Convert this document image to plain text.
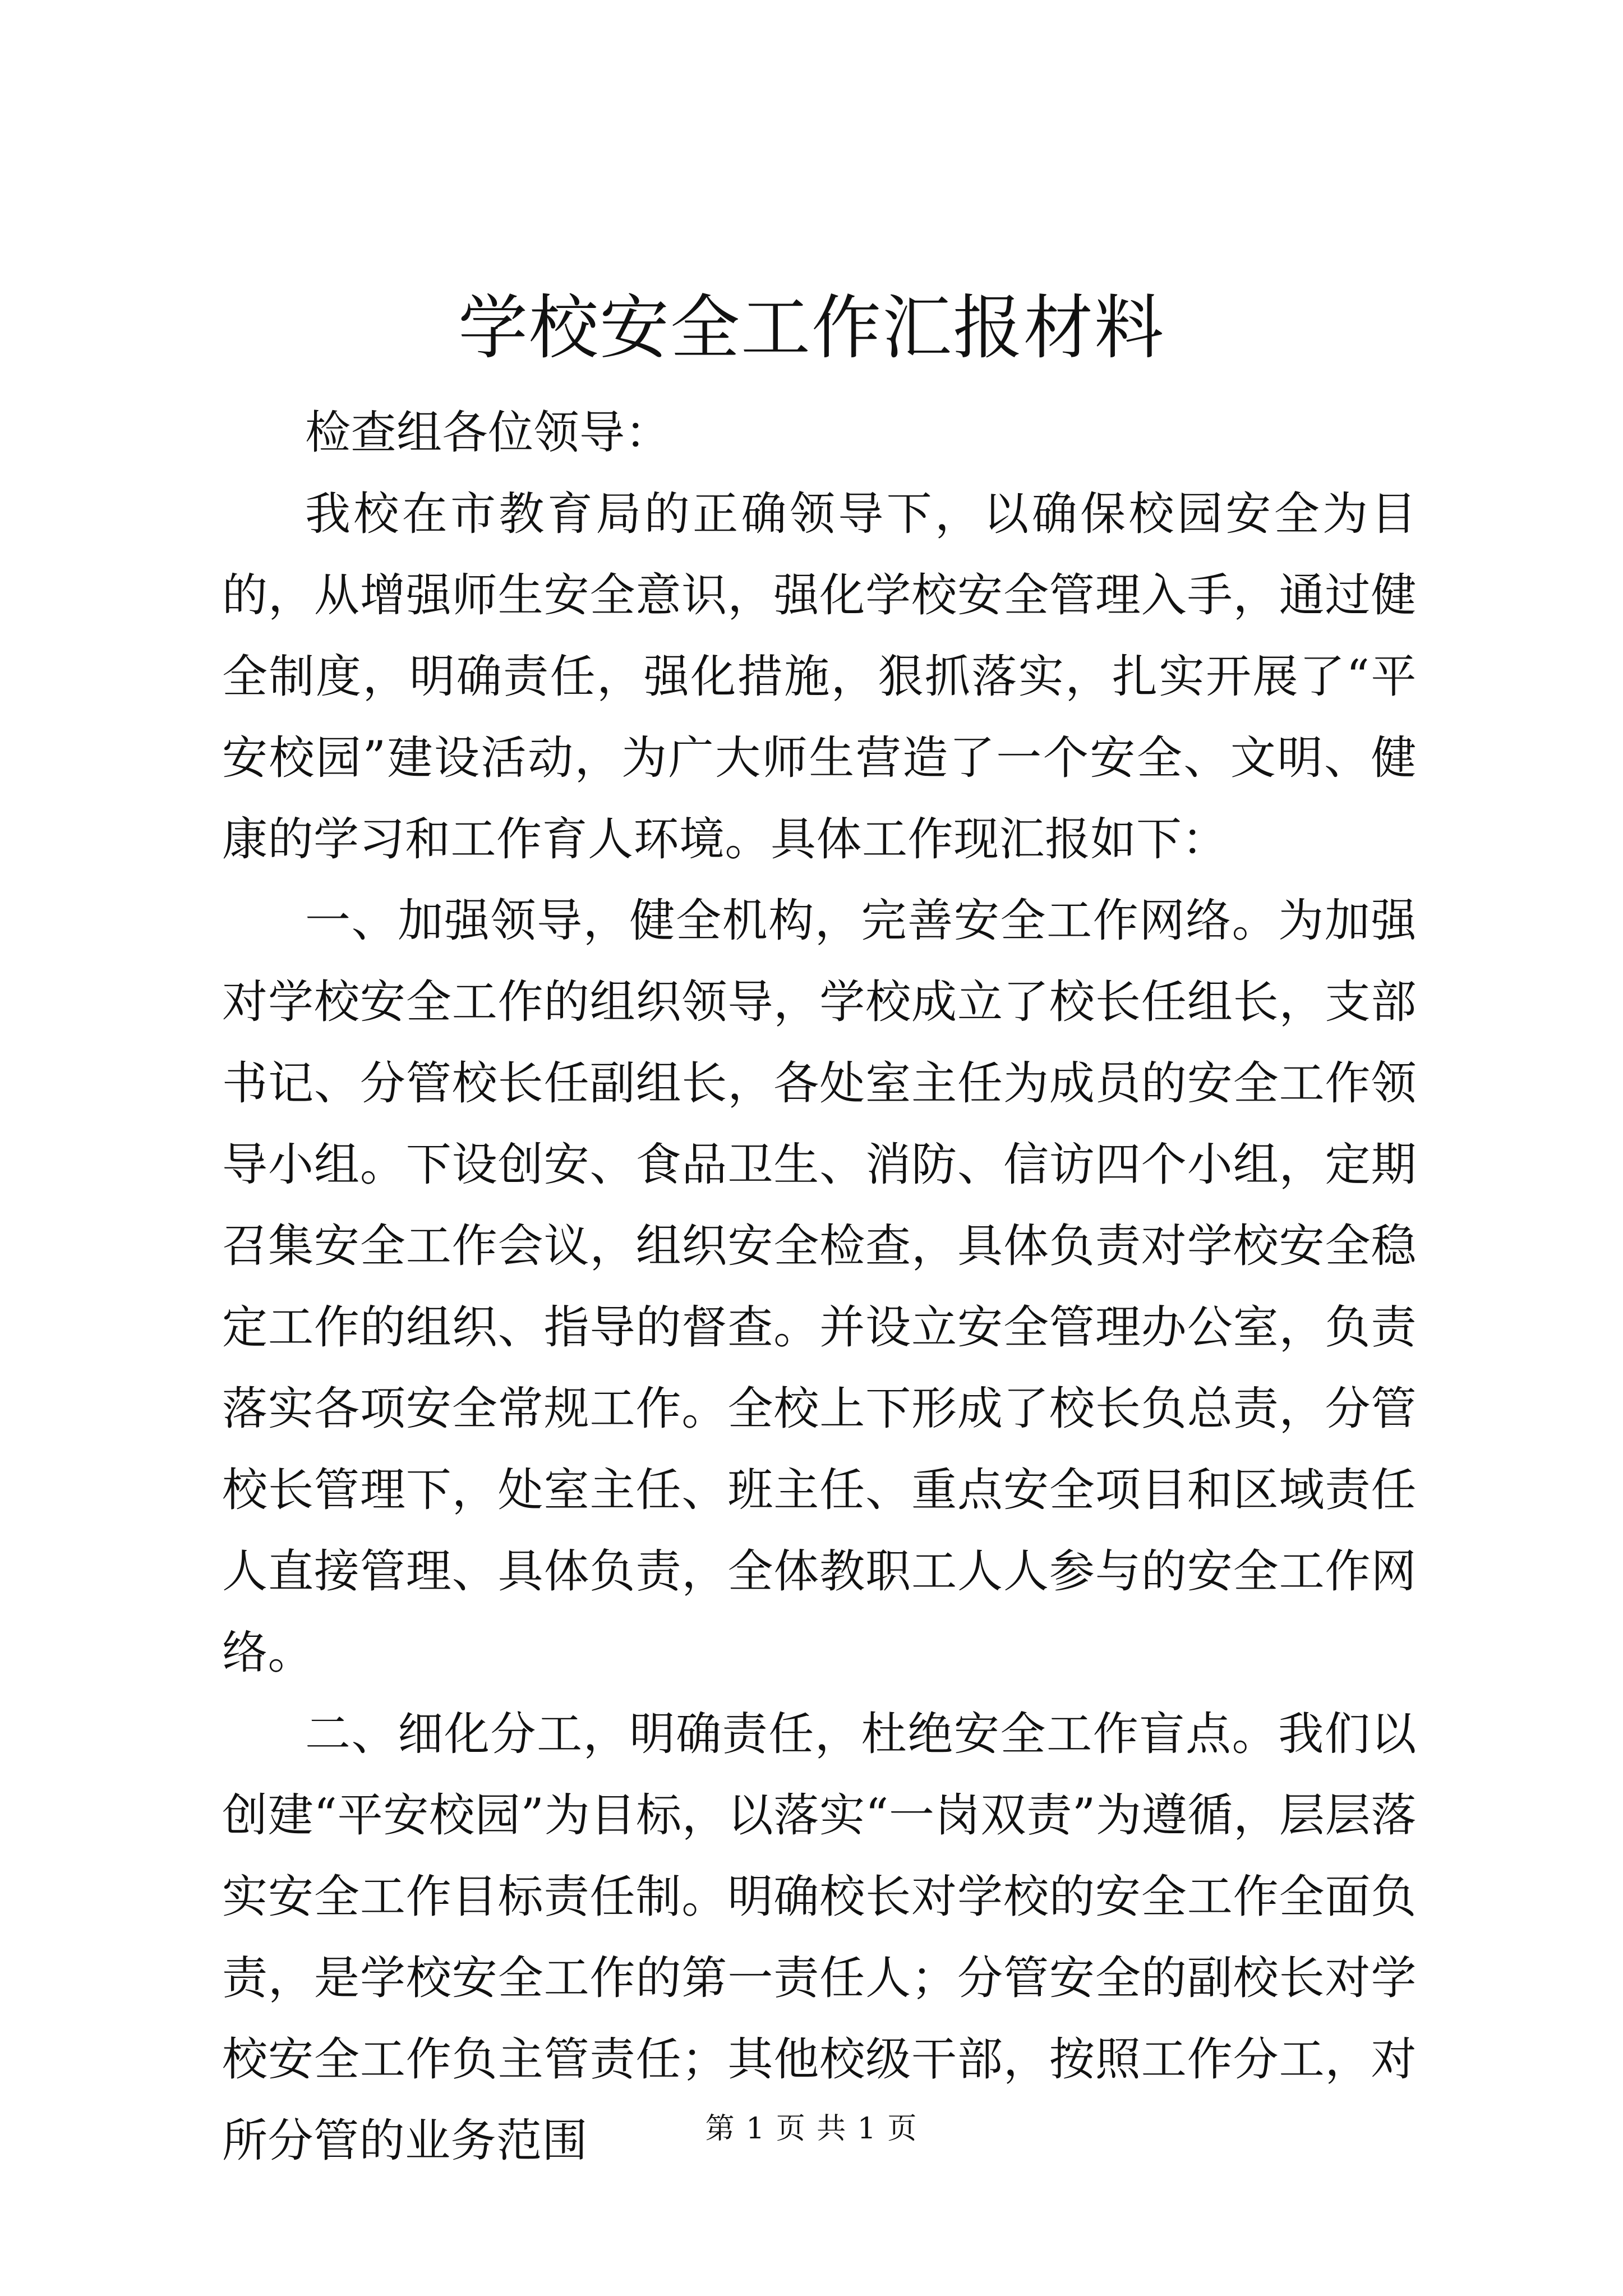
学校安全工作汇报材料

检查组各位领导：

我校在市教育局的正确领导下，以确保校园安全为目的，从增强师生安全意识，强化学校安全管理入手，通过健全制度，明确责任，强化措施，狠抓落实，扎实开展了“平安校园”建设活动，为广大师生营造了一个安全、文明、健康的学习和工作育人环境。具体工作现汇报如下：

一、加强领导，健全机构，完善安全工作网络。为加强对学校安全工作的组织领导，学校成立了校长任组长，支部书记、分管校长任副组长，各处室主任为成员的安全工作领导小组。下设创安、食品卫生、消防、信访四个小组，定期召集安全工作会议，组织安全检查，具体负责对学校安全稳定工作的组织、指导的督查。并设立安全管理办公室，负责落实各项安全常规工作。全校上下形成了校长负总责，分管校长管理下，处室主任、班主任、重点安全项目和区域责任人直接管理、具体负责，全体教职工人人参与的安全工作网络。

二、细化分工，明确责任，杜绝安全工作盲点。我们以创建“平安校园”为目标，以落实“一岗双责”为遵循，层层落实安全工作目标责任制。明确校长对学校的安全工作全面负责，是学校安全工作的第一责任人；分管安全的副校长对学校安全工作负主管责任；其他校级干部，按照工作分工，对所分管的业务范围	第 1 页 共 1 页
